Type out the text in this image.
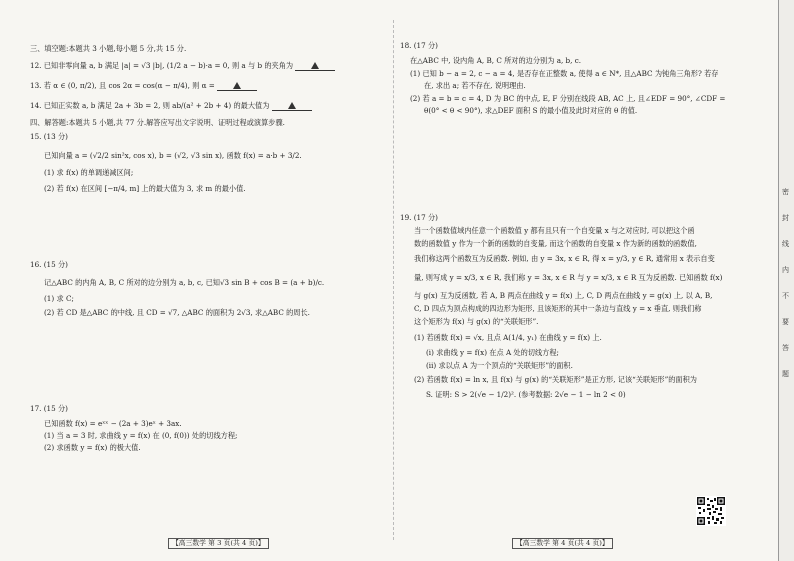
密
封
线
内
不
要
答
题
三、填空题:本题共 3 小题,每小题 5 分,共 15 分.
12. 已知非零向量 a, b 满足 |a| = √3 |b|, (1/2 a − b)·a = 0, 则 a 与 b 的夹角为
13. 若 α ∈ (0, π/2), 且 cos 2α = cos(α − π/4), 则 α =
14. 已知正实数 a, b 满足 2a + 3b = 2, 则 ab/(a² + 2b + 4) 的最大值为
四、解答题:本题共 5 小题,共 77 分.解答应写出文字说明、证明过程或演算步骤.
15. (13 分)
已知向量 a = (√2/2 sin²x, cos x), b = (√2, √3 sin x), 函数 f(x) = a·b + 3/2.
(1) 求 f(x) 的单调递减区间;
(2) 若 f(x) 在区间 [−π/4, m] 上的最大值为 3, 求 m 的最小值.
16. (15 分)
记△ABC 的内角 A, B, C 所对的边分别为 a, b, c, 已知√3 sin B + cos B = (a + b)/c.
(1) 求 C;
(2) 若 CD 是△ABC 的中线, 且 CD = √7, △ABC 的面积为 2√3, 求△ABC 的周长.
17. (15 分)
已知函数 f(x) = eˣˣ − (2a + 3)eˣ + 3ax.
(1) 当 a = 3 时, 求曲线 y = f(x) 在 (0, f(0)) 处的切线方程;
(2) 求函数 y = f(x) 的极大值.
【高三数学 第 3 页(共 4 页)】
18. (17 分)
在△ABC 中, 设内角 A, B, C 所对的边分别为 a, b, c.
(1) 已知 b − a = 2, c − a = 4, 是否存在正整数 a, 使得 a ∈ N*, 且△ABC 为钝角三角形? 若存
在, 求出 a; 若不存在, 说明理由.
(2) 若 a = b = c = 4, D 为 BC 的中点, E, F 分别在线段 AB, AC 上, 且∠EDF = 90°, ∠CDF =
θ(0° < θ < 90°), 求△DEF 面积 S 的最小值及此时对应的 θ 的值.
19. (17 分)
当一个函数值域内任意一个函数值 y 都有且只有一个自变量 x 与之对应时, 可以把这个函
数的函数值 y 作为一个新的函数的自变量, 而这个函数的自变量 x 作为新的函数的函数值,
我们称这两个函数互为反函数. 例如, 由 y = 3x, x ∈ R, 得 x = y/3, y ∈ R, 通常用 x 表示自变
量, 则写成 y = x/3, x ∈ R, 我们称 y = 3x, x ∈ R 与 y = x/3, x ∈ R 互为反函数. 已知函数 f(x)
与 g(x) 互为反函数, 若 A, B 两点在曲线 y = f(x) 上, C, D 两点在曲线 y = g(x) 上, 以 A, B,
C, D 四点为顶点构成的四边形为矩形, 且该矩形的其中一条边与直线 y = x 垂直, 则我们称
这个矩形为 f(x) 与 g(x) 的“关联矩形”.
(1) 若函数 f(x) = √x, 且点 A(1/4, y₁) 在曲线 y = f(x) 上.
(ⅰ) 求曲线 y = f(x) 在点 A 处的切线方程;
(ⅱ) 求以点 A 为一个顶点的“关联矩形”的面积.
(2) 若函数 f(x) = ln x, 且 f(x) 与 g(x) 的“关联矩形”是正方形, 记该“关联矩形”的面积为
S. 证明: S > 2(√e − 1/2)². (参考数据: 2√e − 1 − ln 2 < 0)
【高三数学 第 4 页(共 4 页)】
